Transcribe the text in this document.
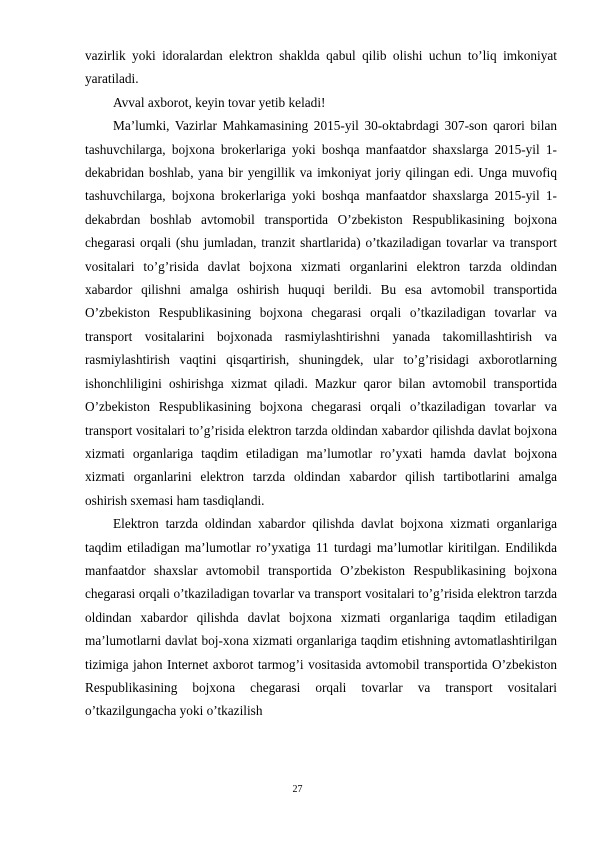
vazirlik yoki idoralardan elektron shaklda qabul qilib olishi uchun to’liq imkoniyat yaratiladi.

Avval axborot, keyin tovar yetib keladi!

Ma’lumki, Vazirlar Mahkamasining 2015-yil 30-oktabrdagi 307-son qarori bilan tashuvchilarga, bojxona brokerlariga yoki boshqa manfaatdor shaxslarga 2015-yil 1-dekabridan boshlab, yana bir yengillik va imkoniyat joriy qilingan edi. Unga muvofiq tashuvchilarga, bojxona brokerlariga yoki boshqa manfaatdor shaxslarga 2015-yil 1-dekabrdan boshlab avtomobil transportida O’zbekiston Respublikasining bojxona chegarasi orqali (shu jumladan, tranzit shartlarida) o’tkaziladigan tovarlar va transport vositalari to’g’risida davlat bojxona xizmati organlarini elektron tarzda oldindan xabardor qilishni amalga oshirish huquqi berildi. Bu esa avtomobil transportida O’zbekiston Respublikasining bojxona chegarasi orqali o’tkaziladigan tovarlar va transport vositalarini bojxonada rasmiylashtirishni yanada takomillashtirish va rasmiylashtirish vaqtini qisqartirish, shuningdek, ular to’g’risidagi axborotlarning ishonchliligini oshirishga xizmat qiladi. Mazkur qaror bilan avtomobil transportida O’zbekiston Respublikasining bojxona chegarasi orqali o’tkaziladigan tovarlar va transport vositalari to’g’risida elektron tarzda oldindan xabardor qilishda davlat bojxona xizmati organlariga taqdim etiladigan ma’lumotlar ro’yxati hamda davlat bojxona xizmati organlarini elektron tarzda oldindan xabardor qilish tartibotlarini amalga oshirish sxemasi ham tasdiqlandi.

Elektron tarzda oldindan xabardor qilishda davlat bojxona xizmati organlariga taqdim etiladigan ma’lumotlar ro’yxatiga 11 turdagi ma’lumotlar kiritilgan. Endilikda manfaatdor shaxslar avtomobil transportida O’zbekiston Respublikasining bojxona chegarasi orqali o’tkaziladigan tovarlar va transport vositalari to’g’risida elektron tarzda oldindan xabardor qilishda davlat bojxona xizmati organlariga taqdim etiladigan ma’lumotlarni davlat boj-xona xizmati organlariga taqdim etishning avtomatlashtirilgan tizimiga jahon Internet axborot tarmog’i vositasida avtomobil transportida O’zbekiston Respublikasining bojxona chegarasi orqali tovarlar va transport vositalari o’tkazilgungacha yoki o’tkazilish

27
